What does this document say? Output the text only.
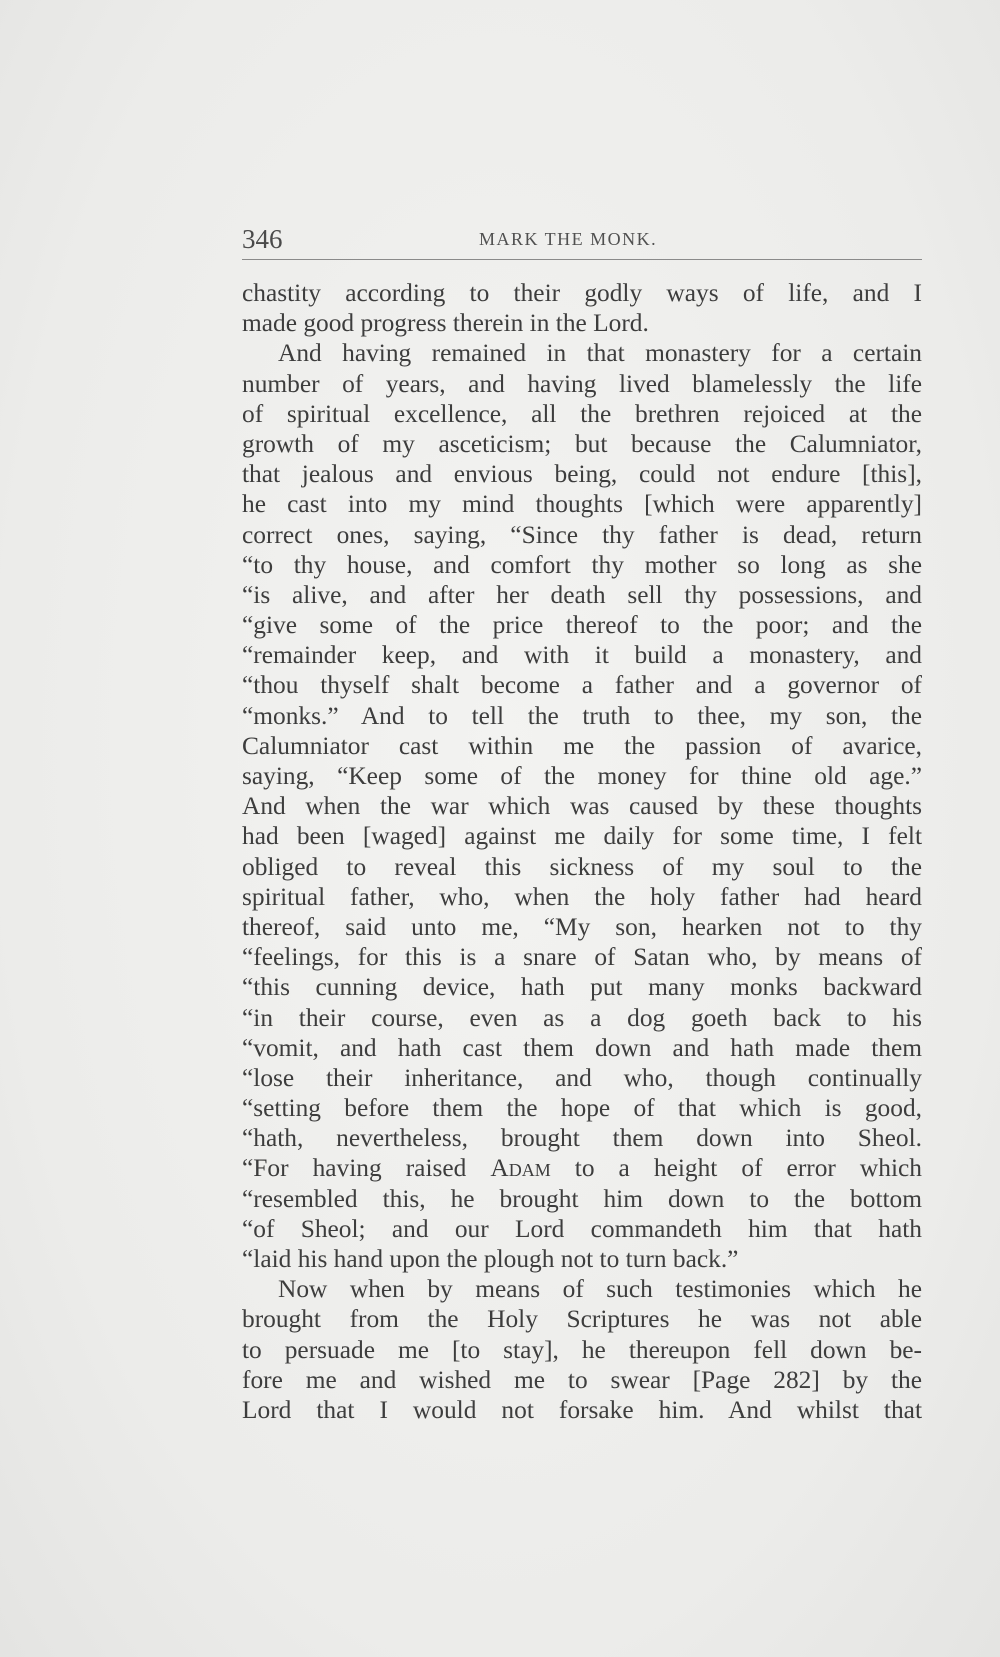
346	MARK THE MONK.
chastity according to their godly ways of life, and I
made good progress therein in the Lord.
And having remained in that monastery for a certain
number of years, and having lived blamelessly the life
of spiritual excellence, all the brethren rejoiced at the
growth of my asceticism; but because the Calumniator,
that jealous and envious being, could not endure [this],
he cast into my mind thoughts [which were apparently]
correct ones, saying, “Since thy father is dead, return
“to thy house, and comfort thy mother so long as she
“is alive, and after her death sell thy possessions, and
“give some of the price thereof to the poor; and the
“remainder keep, and with it build a monastery, and
“thou thyself shalt become a father and a governor of
“monks.” And to tell the truth to thee, my son, the
Calumniator cast within me the passion of avarice,
saying, “Keep some of the money for thine old age.”
And when the war which was caused by these thoughts
had been [waged] against me daily for some time, I felt
obliged to reveal this sickness of my soul to the
spiritual father, who, when the holy father had heard
thereof, said unto me, “My son, hearken not to thy
“feelings, for this is a snare of Satan who, by means of
“this cunning device, hath put many monks backward
“in their course, even as a dog goeth back to his
“vomit, and hath cast them down and hath made them
“lose their inheritance, and who, though continually
“setting before them the hope of that which is good,
“hath, nevertheless, brought them down into Sheol.
“For having raised Adam to a height of error which
“resembled this, he brought him down to the bottom
“of Sheol; and our Lord commandeth him that hath
“laid his hand upon the plough not to turn back.”
Now when by means of such testimonies which he
brought from the Holy Scriptures he was not able
to persuade me [to stay], he thereupon fell down be-
fore me and wished me to swear [Page 282] by the
Lord that I would not forsake him. And whilst that
